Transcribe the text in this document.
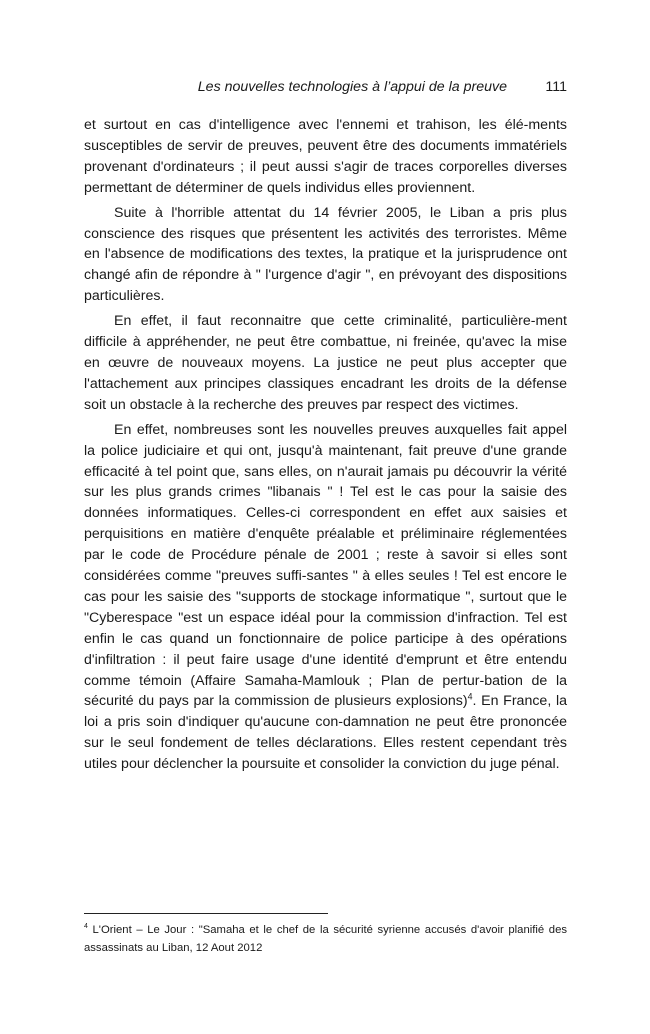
Les nouvelles technologies à l’appui de la preuve	111

et surtout en cas d'intelligence avec l'ennemi et trahison, les élé-ments susceptibles de servir de preuves, peuvent être des documents immatériels provenant d'ordinateurs ; il peut aussi s'agir de traces corporelles diverses permettant de déterminer de quels individus elles proviennent.

Suite à l'horrible attentat du 14 février 2005, le Liban a pris plus conscience des risques que présentent les activités des terroristes. Même en l'absence de modifications des textes, la pratique et la jurisprudence ont changé afin de répondre à " l'urgence d'agir ", en prévoyant des dispositions particulières.

En effet, il faut reconnaitre que cette criminalité, particulière-ment difficile à appréhender, ne peut être combattue, ni freinée, qu'avec la mise en œuvre de nouveaux moyens. La justice ne peut plus accepter que l'attachement aux principes classiques encadrant les droits de la défense soit un obstacle à la recherche des preuves par respect des victimes.

En effet, nombreuses sont les nouvelles preuves auxquelles fait appel la police judiciaire et qui ont, jusqu'à maintenant, fait preuve d'une grande efficacité à tel point que, sans elles, on n'aurait jamais pu découvrir la vérité sur les plus grands crimes "libanais " ! Tel est le cas pour la saisie des données informatiques. Celles-ci correspondent en effet aux saisies et perquisitions en matière d'enquête préalable et préliminaire réglementées par le code de Procédure pénale de 2001 ; reste à savoir si elles sont considérées comme "preuves suffi-santes " à elles seules ! Tel est encore le cas pour les saisie des "supports de stockage informatique ", surtout que le "Cyberespace "est un espace idéal pour la commission d'infraction. Tel est enfin le cas quand un fonctionnaire de police participe à des opérations d'infiltration : il peut faire usage d'une identité d'emprunt et être entendu comme témoin (Affaire Samaha-Mamlouk ; Plan de pertur-bation de la sécurité du pays par la commission de plusieurs explosions)$^4$. En France, la loi a pris soin d'indiquer qu'aucune con-damnation ne peut être prononcée sur le seul fondement de telles déclarations. Elles restent cependant très utiles pour déclencher la poursuite et consolider la conviction du juge pénal.

$^4$ L'Orient – Le Jour : "Samaha et le chef de la sécurité syrienne accusés d'avoir planifié des assassinats au Liban, 12 Aout 2012
